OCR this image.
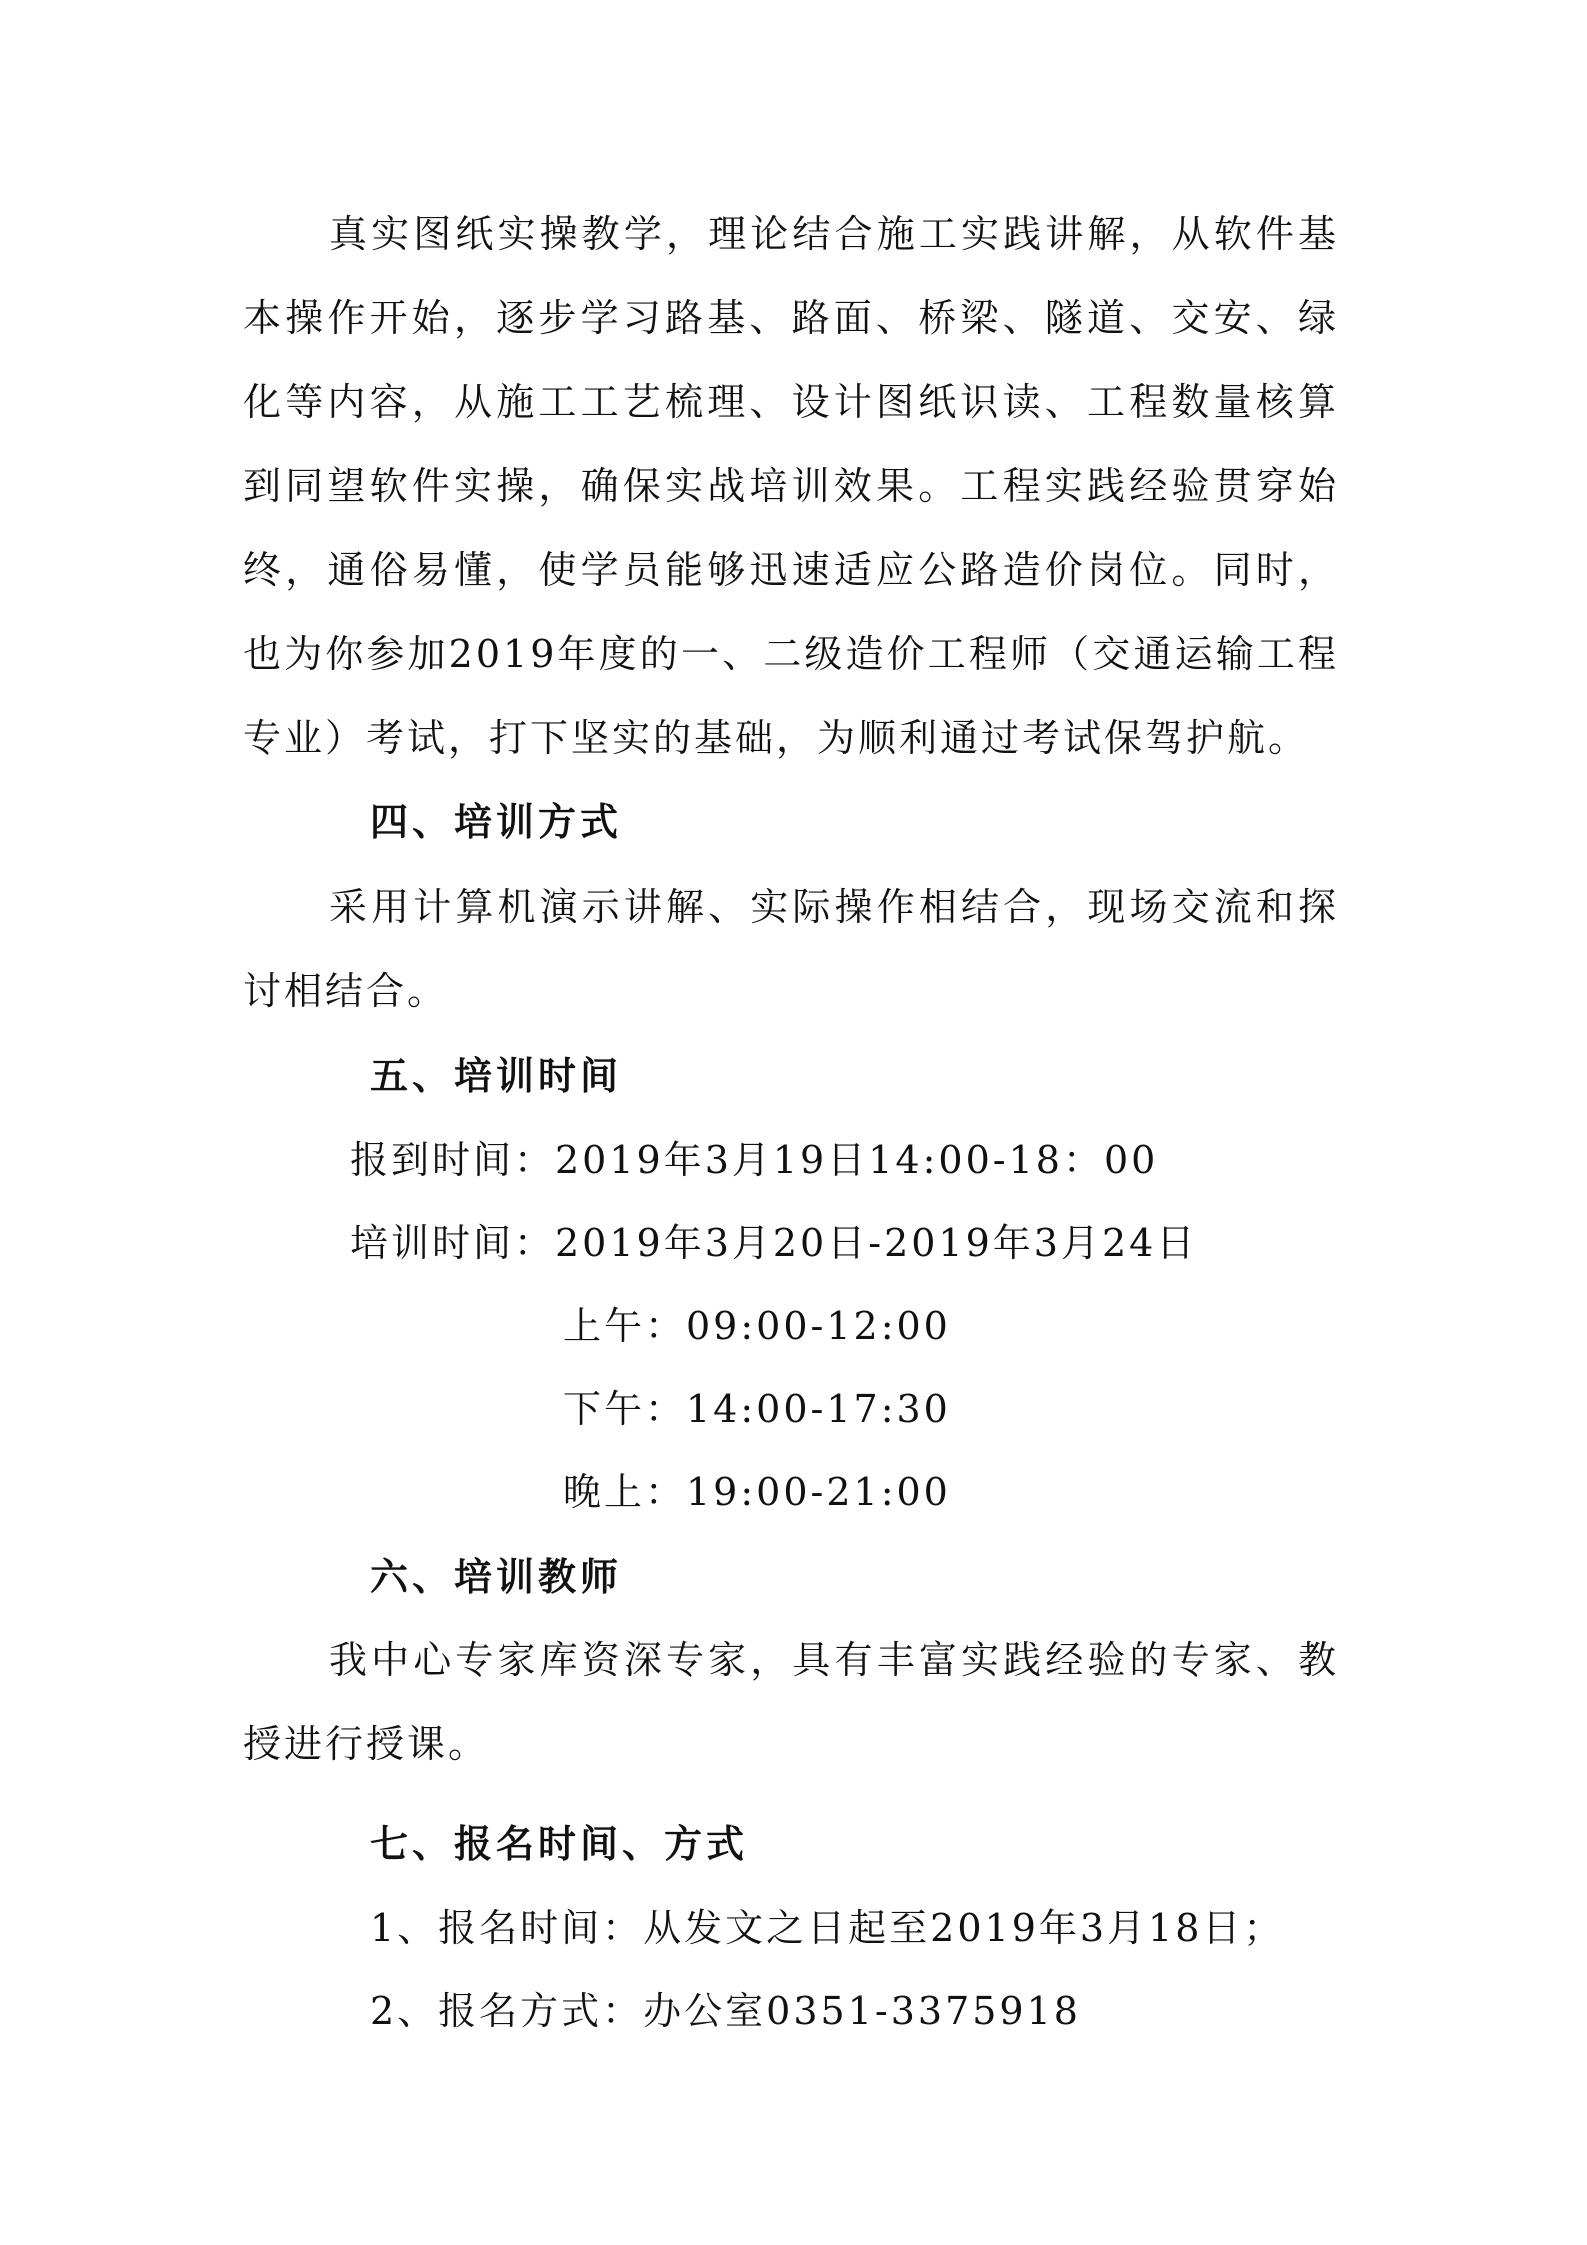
真实图纸实操教学，理论结合施工实践讲解，从软件基本操作开始，逐步学习路基、路面、桥梁、隧道、交安、绿化等内容，从施工工艺梳理、设计图纸识读、工程数量核算到同望软件实操，确保实战培训效果。工程实践经验贯穿始终，通俗易懂，使学员能够迅速适应公路造价岗位。同时，也为你参加2019年度的一、二级造价工程师（交通运输工程专业）考试，打下坚实的基础，为顺利通过考试保驾护航。

四、培训方式

采用计算机演示讲解、实际操作相结合，现场交流和探讨相结合。

五、培训时间

报到时间：2019年3月19日14:00-18：00

培训时间：2019年3月20日-2019年3月24日

上午：09:00-12:00

下午：14:00-17:30

晚上：19:00-21:00

六、培训教师

我中心专家库资深专家，具有丰富实践经验的专家、教授进行授课。

七、报名时间、方式

1、报名时间：从发文之日起至2019年3月18日；

2、报名方式：办公室0351-3375918
